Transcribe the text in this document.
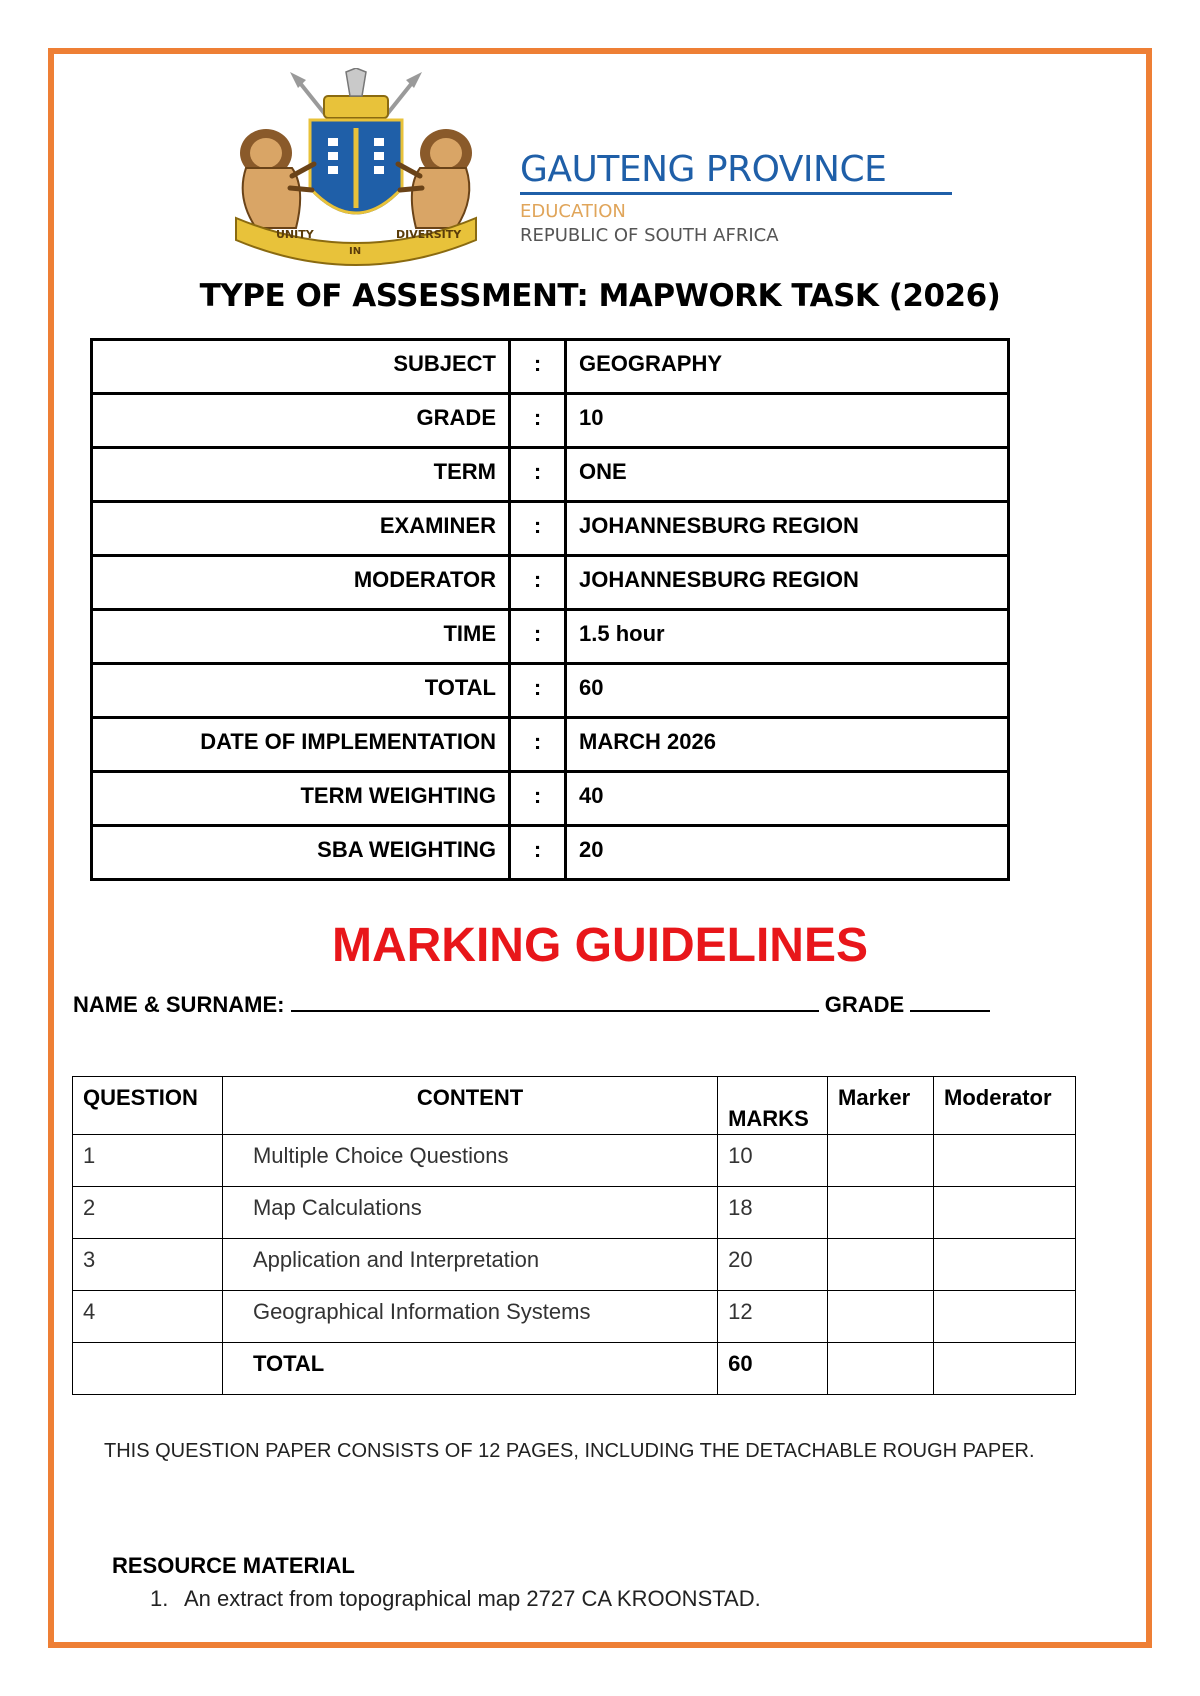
UNITY
IN
DIVERSITY
GAUTENG PROVINCE
EDUCATION
REPUBLIC OF SOUTH AFRICA
TYPE OF ASSESSMENT: MAPWORK TASK (2026)
SUBJECT	:	GEOGRAPHY
GRADE	:	10
TERM	:	ONE
EXAMINER	:	JOHANNESBURG REGION
MODERATOR	:	JOHANNESBURG REGION
TIME	:	1.5 hour
TOTAL	:	60
DATE OF IMPLEMENTATION	:	MARCH 2026
TERM WEIGHTING	:	40
SBA WEIGHTING	:	20
MARKING GUIDELINES
NAME & SURNAME:	GRADE
QUESTION	CONTENT	MARKS	Marker	Moderator
1	Multiple Choice Questions	10		
2	Map Calculations	18		
3	Application and Interpretation	20		
4	Geographical Information Systems	12		
	TOTAL	60		
THIS QUESTION PAPER CONSISTS OF 12 PAGES, INCLUDING THE DETACHABLE ROUGH PAPER.
RESOURCE MATERIAL
1. An extract from topographical map 2727 CA KROONSTAD.
